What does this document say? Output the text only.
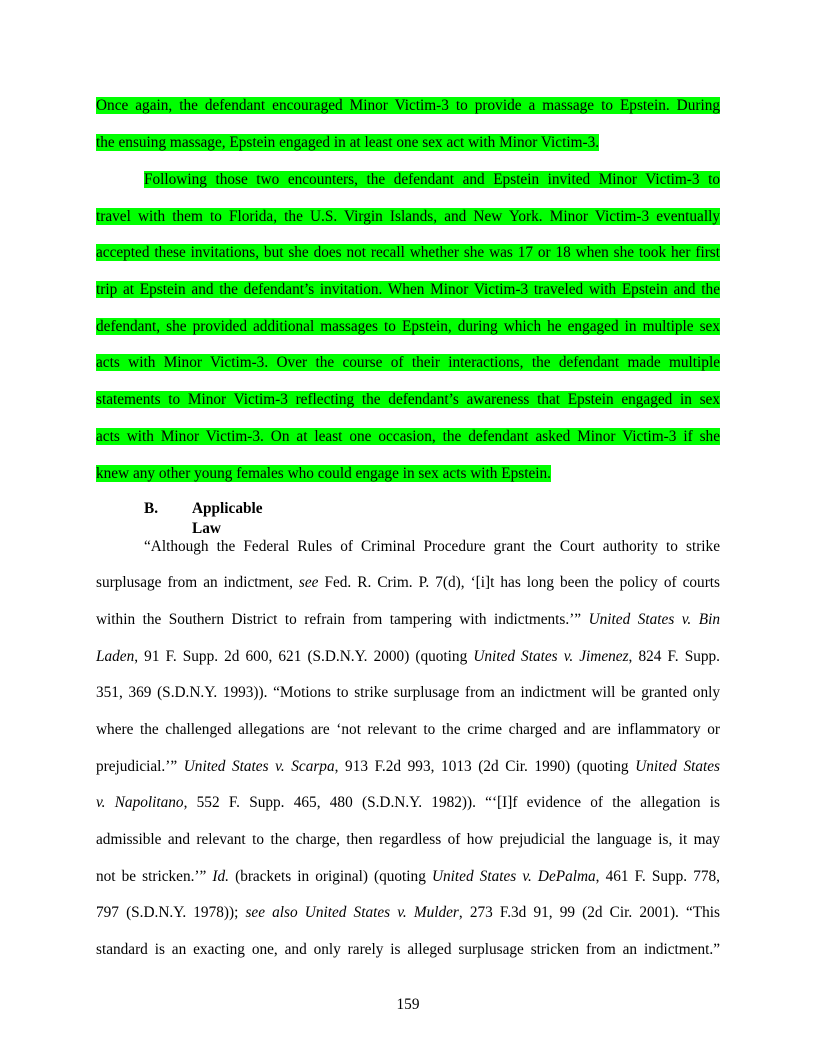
Once again, the defendant encouraged Minor Victim-3 to provide a massage to Epstein. During
the ensuing massage, Epstein engaged in at least one sex act with Minor Victim-3.
Following those two encounters, the defendant and Epstein invited Minor Victim-3 to
travel with them to Florida, the U.S. Virgin Islands, and New York. Minor Victim-3 eventually
accepted these invitations, but she does not recall whether she was 17 or 18 when she took her first
trip at Epstein and the defendant’s invitation. When Minor Victim-3 traveled with Epstein and the
defendant, she provided additional massages to Epstein, during which he engaged in multiple sex
acts with Minor Victim-3. Over the course of their interactions, the defendant made multiple
statements to Minor Victim-3 reflecting the defendant’s awareness that Epstein engaged in sex
acts with Minor Victim-3. On at least one occasion, the defendant asked Minor Victim-3 if she
knew any other young females who could engage in sex acts with Epstein.
B. Applicable Law
“Although the Federal Rules of Criminal Procedure grant the Court authority to strike
surplusage from an indictment, see Fed. R. Crim. P. 7(d), ‘[i]t has long been the policy of courts
within the Southern District to refrain from tampering with indictments.’” United States v. Bin
Laden, 91 F. Supp. 2d 600, 621 (S.D.N.Y. 2000) (quoting United States v. Jimenez, 824 F. Supp.
351, 369 (S.D.N.Y. 1993)). “Motions to strike surplusage from an indictment will be granted only
where the challenged allegations are ‘not relevant to the crime charged and are inflammatory or
prejudicial.’” United States v. Scarpa, 913 F.2d 993, 1013 (2d Cir. 1990) (quoting United States
v. Napolitano, 552 F. Supp. 465, 480 (S.D.N.Y. 1982)). “‘[I]f evidence of the allegation is
admissible and relevant to the charge, then regardless of how prejudicial the language is, it may
not be stricken.’” Id. (brackets in original) (quoting United States v. DePalma, 461 F. Supp. 778,
797 (S.D.N.Y. 1978)); see also United States v. Mulder, 273 F.3d 91, 99 (2d Cir. 2001). “This
standard is an exacting one, and only rarely is alleged surplusage stricken from an indictment.”
159
